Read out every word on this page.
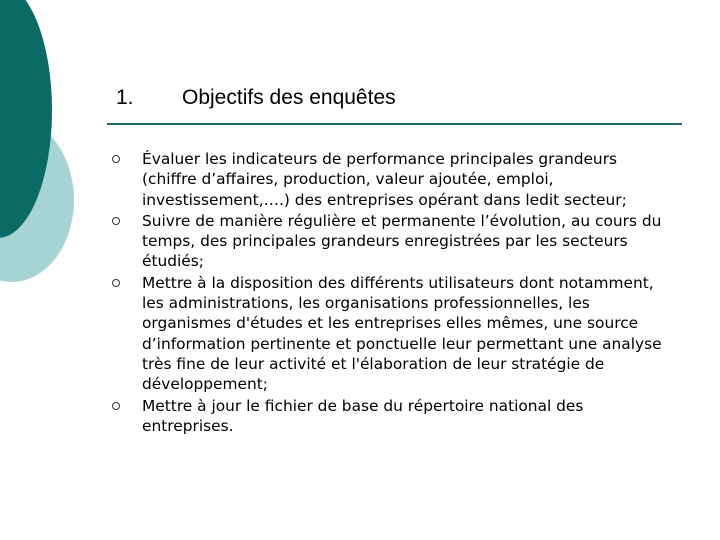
1. Objectifs des enquêtes
Évaluer les indicateurs de performance principales grandeurs (chiffre d’affaires, production, valeur ajoutée, emploi, investissement,….) des entreprises opérant dans ledit secteur;
Suivre de manière régulière et permanente l’évolution, au cours du temps, des principales grandeurs enregistrées par les secteurs étudiés;
Mettre à la disposition des différents utilisateurs dont notamment, les administrations, les organisations professionnelles, les organismes d'études et les entreprises elles mêmes, une source d’information pertinente et ponctuelle leur permettant une analyse très fine de leur activité et l'élaboration de leur stratégie de développement;
Mettre à jour le fichier de base du répertoire national des entreprises.
